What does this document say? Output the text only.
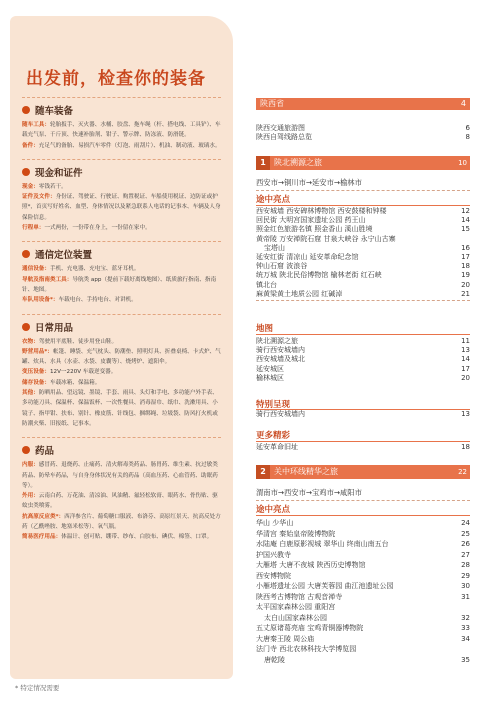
出发前，检查你的装备
随车装备
随车工具：轮胎扳手、灭火器、水桶、胶盘、拖车绳（杆、搭电线、工具铲）、车载充气泵、千斤顶、快速补胎剂、钳子、警示牌、防冻液、防滑链。
备件：充足气的备胎、易损汽车零件（灯泡、雨刮片）、机油、制动液、玻璃水。
现金和证件
现金：零钱若干。
证件及文件：身份证、驾驶证、行驶证、购置税证、车船使用税证、边防证或护照*，首页写好姓名、血型、身体情况以及紧急联系人电话的记事本、车辆及人身保险信息。
行程单：一式两份，一份带在身上，一份留在家中。
通信定位装置
通信设备：手机、充电器、充电宝、蓝牙耳机。
导航及指南类工具：导航类 app（提前下载好离线地图）、纸质旅行指南、指南针、地图。
车队用设备*：车载电台、手持电台、对讲机。
日常用品
衣物：驾驶用平底鞋、徒步用登山鞋。
野营用品*：帐篷、睡袋、充气枕头、防潮垫、照明灯具、折叠桌椅、卡式炉、气罐、炊具、水具（水壶、水袋、皮囊等）、烧烤炉、遮阳伞。
变压设备：12V一220V 车载逆变器。
储存设备：车载冰箱、保温箱。
其他：防晒用品、望远镜、墨镜、手套、雨具、头灯和手电、多功能户外手表、多功能刀具、保温杯、保温饭杯、一次性餐具、消毒湿巾、纸巾、洗漱用具、小镜子、指甲钳、扶布、别针、橡皮筋、针线包、捆绑绳、垃圾袋、防风打火机或防潮火柴、旧报纸、记事本。
药品
内服：感冒药、退烧药、止痛药、清火解毒类药品、肠胃药、维生素、抗过敏类药品、防晕车药品，与自身身体状况有关的药品（高血压药、心血管药、助眠药等）。
外用：云南白药、万花油、清凉油、风油精、氟轻松软膏、眼药水、骨伤贴、驱蚊虫类喷雾。
抗高原反应类*：西洋参含片、葡萄糖口服液、布洛芬、高原红景天、抗高反处方药（乙酰唑胺、地塞米松等）、氧气瓶。
简易医疗用品：体温计、创可贴、绷带、纱布、白胶布、碘伏、棉签、口罩。
* 特定情况需要
陕西省	4
陕西交通旅游图	6
陕西自驾线路总览	8
1	陕北溯源之旅	10
西安市→铜川市→延安市→榆林市
途中亮点
西安城墙 西安碑林博物馆 西安鼓楼和钟楼	12
回民街 大明宫国家遗址公园 药王山	14
照金红色旅游名镇 照金香山 溪山胜境	15
黄帝陵 万安禅院石窟 甘泉大峡谷 永宁山古寨
宝塔山	16
延安红街 清凉山 延安革命纪念馆	17
钟山石窟 波浪谷	18
统万城 陕北民俗博物馆 榆林老街 红石峡	19
镇北台	20
麻黄梁黄土地质公园 红碱淖	21
地图
陕北溯源之旅	11
骑行西安城墙内	13
西安城墙及城北	14
延安城区	17
榆林城区	20
特别呈现
骑行西安城墙内	13
更多精彩
延安革命旧址	18
2	关中环线精华之旅	22
渭南市→西安市→宝鸡市→咸阳市
途中亮点
华山 少华山	24
华清宫 秦始皇帝陵博物院	25
水陆庵 白鹿原影视城 翠华山 终南山南五台	26
护国兴教寺	27
大雁塔 大唐不夜城 陕西历史博物馆	28
西安博物院	29
小雁塔遗址公园 大唐芙蓉园 曲江池遗址公园	30
陕西考古博物馆 古观音禅寺	31
太平国家森林公园 重阳宫
太白山国家森林公园	32
五丈原诸葛亮庙 宝鸡青铜器博物院	33
大唐秦王陵 周公庙	34
法门寺 西北农林科技大学博览园
唐乾陵	35
